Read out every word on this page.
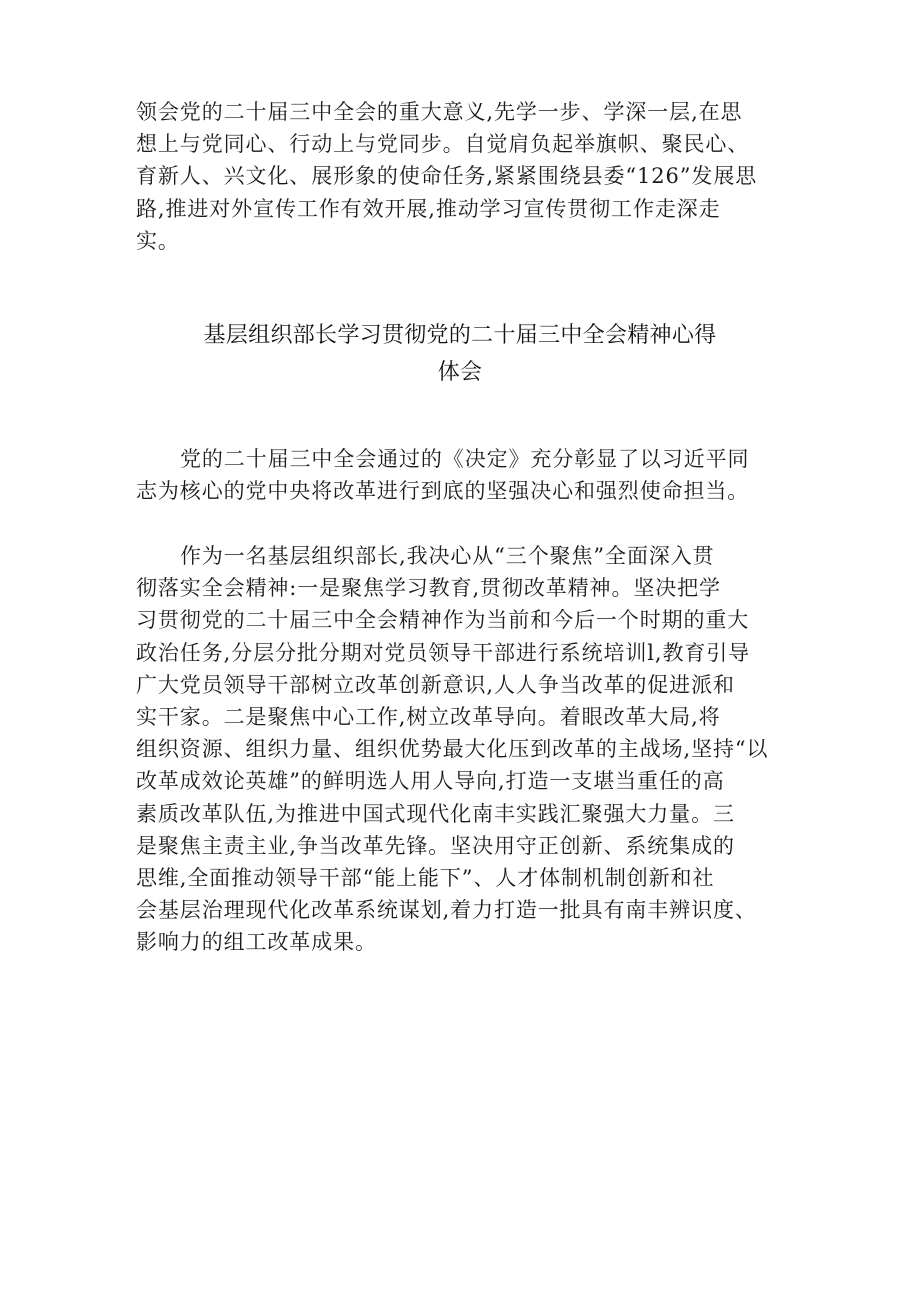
领会党的二十届三中全会的重大意义,先学一步、学深一层,在思
想上与党同心、行动上与党同步。自觉肩负起举旗帜、聚民心、
育新人、兴文化、展形象的使命任务,紧紧围绕县委“126”发展思
路,推进对外宣传工作有效开展,推动学习宣传贯彻工作走深走
实。
基层组织部长学习贯彻党的二十届三中全会精神心得
体会
党的二十届三中全会通过的《决定》充分彰显了以习近平同
志为核心的党中央将改革进行到底的坚强决心和强烈使命担当。
作为一名基层组织部长,我决心从“三个聚焦”全面深入贯
彻落实全会精神:一是聚焦学习教育,贯彻改革精神。坚决把学
习贯彻党的二十届三中全会精神作为当前和今后一个时期的重大
政治任务,分层分批分期对党员领导干部进行系统培训l,教育引导
广大党员领导干部树立改革创新意识,人人争当改革的促进派和
实干家。二是聚焦中心工作,树立改革导向。着眼改革大局,将
组织资源、组织力量、组织优势最大化压到改革的主战场,坚持“以
改革成效论英雄”的鲜明选人用人导向,打造一支堪当重任的高
素质改革队伍,为推进中国式现代化南丰实践汇聚强大力量。三
是聚焦主责主业,争当改革先锋。坚决用守正创新、系统集成的
思维,全面推动领导干部“能上能下”、人才体制机制创新和社
会基层治理现代化改革系统谋划,着力打造一批具有南丰辨识度、
影响力的组工改革成果。
